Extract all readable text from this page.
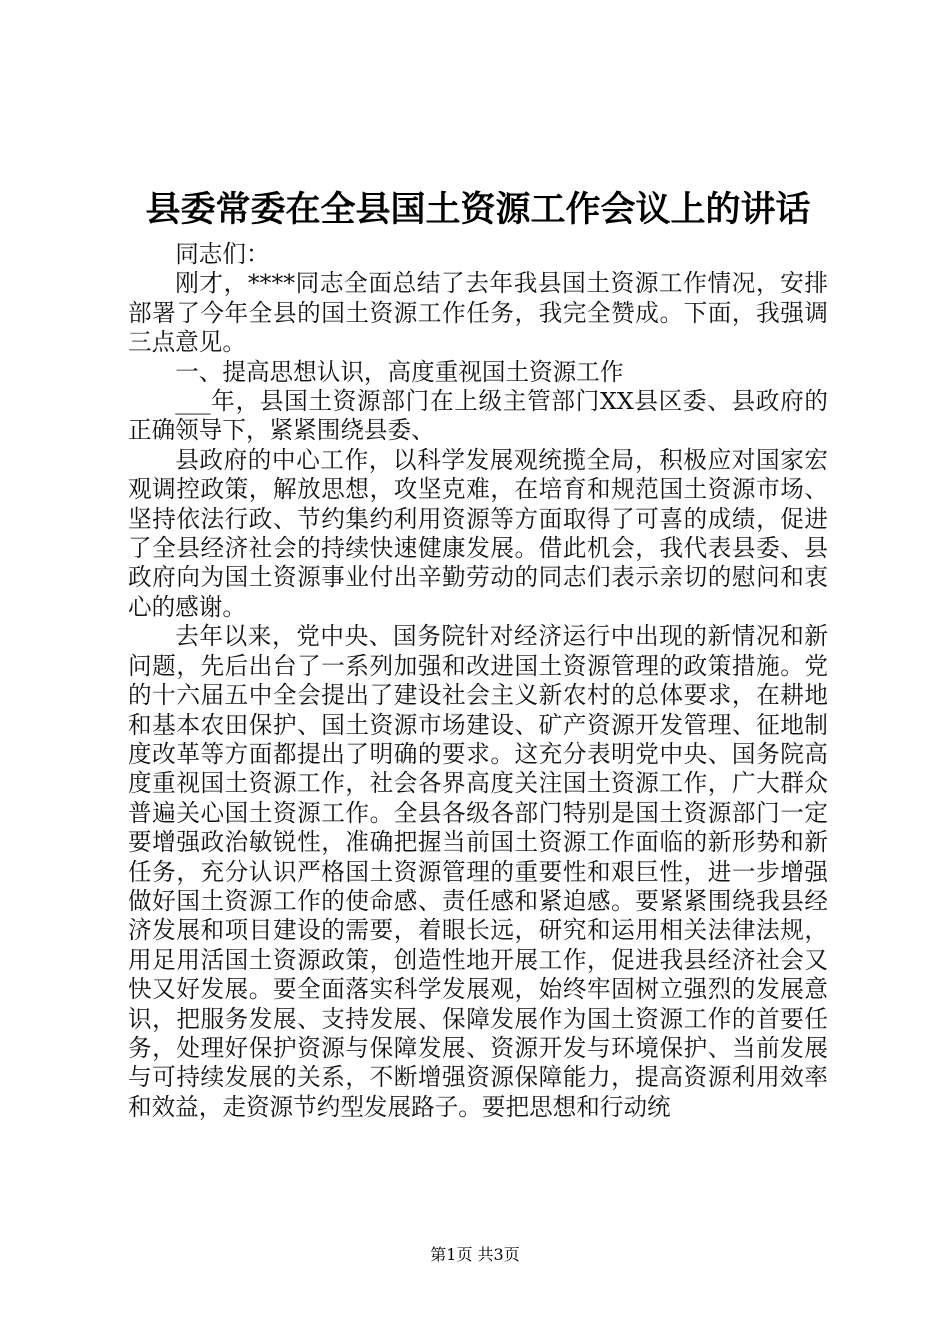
县委常委在全县国土资源工作会议上的讲话

同志们：

刚才，****同志全面总结了去年我县国土资源工作情况，安排部署了今年全县的国土资源工作任务，我完全赞成。下面，我强调三点意见。

一、提高思想认识，高度重视国土资源工作

___年，县国土资源部门在上级主管部门XX县区委、县政府的正确领导下，紧紧围绕县委、

县政府的中心工作，以科学发展观统揽全局，积极应对国家宏观调控政策，解放思想，攻坚克难，在培育和规范国土资源市场、坚持依法行政、节约集约利用资源等方面取得了可喜的成绩，促进了全县经济社会的持续快速健康发展。借此机会，我代表县委、县政府向为国土资源事业付出辛勤劳动的同志们表示亲切的慰问和衷心的感谢。

去年以来，党中央、国务院针对经济运行中出现的新情况和新问题，先后出台了一系列加强和改进国土资源管理的政策措施。党的十六届五中全会提出了建设社会主义新农村的总体要求，在耕地和基本农田保护、国土资源市场建设、矿产资源开发管理、征地制度改革等方面都提出了明确的要求。这充分表明党中央、国务院高度重视国土资源工作，社会各界高度关注国土资源工作，广大群众普遍关心国土资源工作。全县各级各部门特别是国土资源部门一定要增强政治敏锐性，准确把握当前国土资源工作面临的新形势和新任务，充分认识严格国土资源管理的重要性和艰巨性，进一步增强做好国土资源工作的使命感、责任感和紧迫感。要紧紧围绕我县经济发展和项目建设的需要，着眼长远，研究和运用相关法律法规，用足用活国土资源政策，创造性地开展工作，促进我县经济社会又快又好发展。要全面落实科学发展观，始终牢固树立强烈的发展意识，把服务发展、支持发展、保障发展作为国土资源工作的首要任务，处理好保护资源与保障发展、资源开发与环境保护、当前发展与可持续发展的关系，不断增强资源保障能力，提高资源利用效率和效益，走资源节约型发展路子。要把思想和行动统

第1页 共3页
